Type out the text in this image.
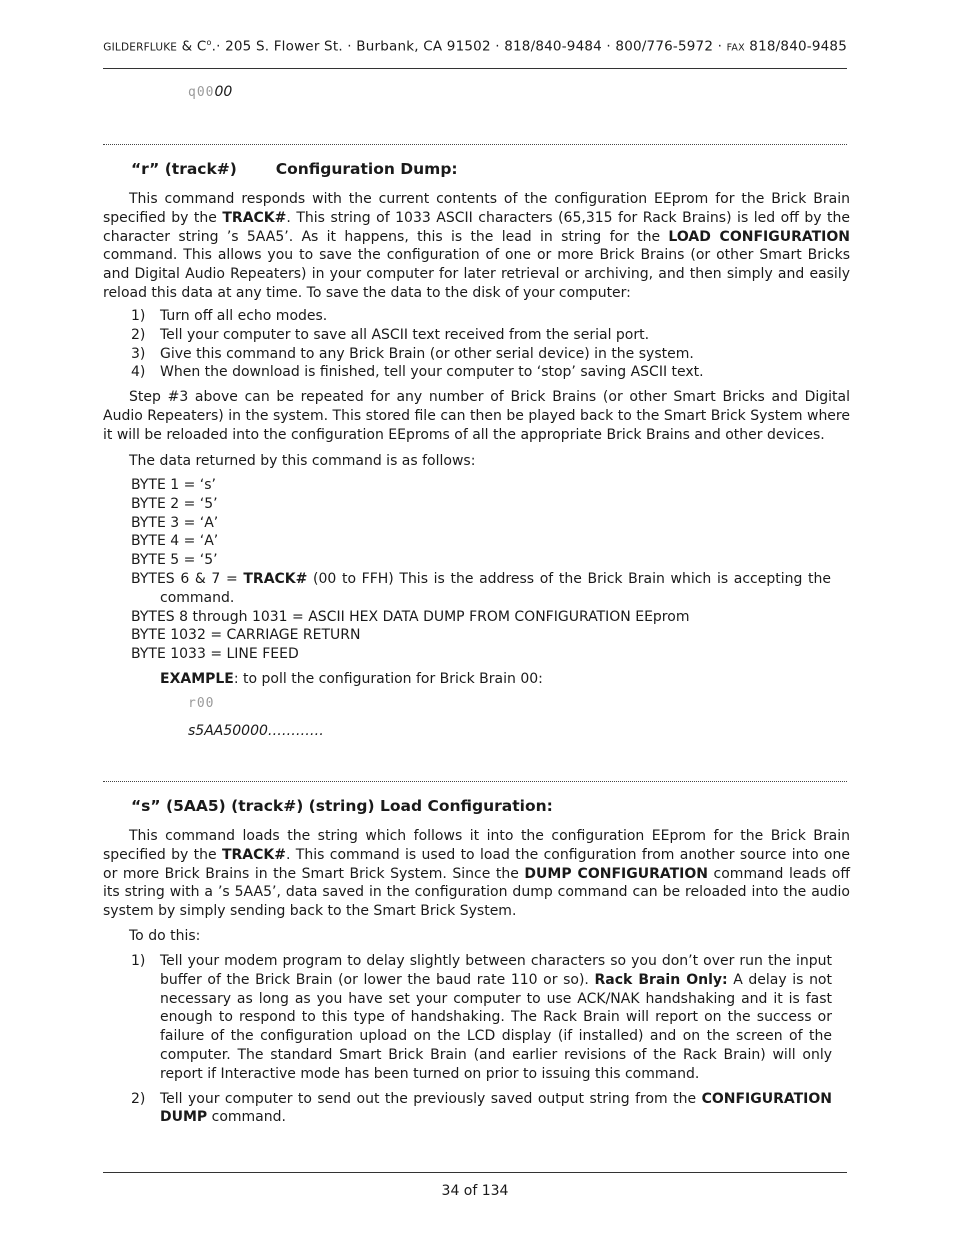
GILDERFLUKE & $C^o.\cdot 205$ S. Flower St. · Burbank, CA 91502 · 818/840-9484 · 800/776-5972 · FAX 818/840-9485
q0000
“r” (track#)	Configuration Dump:
This command responds with the current contents of the configuration EEprom for the Brick Brain specified by the TRACK#. This string of 1033 ASCII characters (65,315 for Rack Brains) is led off by the character string ’s 5AA5’. As it happens, this is the lead in string for the LOAD CONFIGURATION command. This allows you to save the configuration of one or more Brick Brains (or other Smart Bricks and Digital Audio Repeaters) in your computer for later retrieval or archiving, and then simply and easily reload this data at any time. To save the data to the disk of your computer:
1) Turn off all echo modes.
2) Tell your computer to save all ASCII text received from the serial port.
3) Give this command to any Brick Brain (or other serial device) in the system.
4) When the download is finished, tell your computer to ‘stop’ saving ASCII text.
Step #3 above can be repeated for any number of Brick Brains (or other Smart Bricks and Digital Audio Repeaters) in the system. This stored file can then be played back to the Smart Brick System where it will be reloaded into the configuration EEproms of all the appropriate Brick Brains and other devices.
The data returned by this command is as follows:
BYTE 1 = ‘s’
BYTE 2 = ‘5’
BYTE 3 = ‘A’
BYTE 4 = ‘A’
BYTE 5 = ‘5’
BYTES 6 & 7 = TRACK# (00 to FFH) This is the address of the Brick Brain which is accepting the command.
BYTES 8 through 1031 = ASCII HEX DATA DUMP FROM CONFIGURATION EEprom
BYTE 1032 = CARRIAGE RETURN
BYTE 1033 = LINE FEED
EXAMPLE: to poll the configuration for Brick Brain 00:
r00
s5AA50000…………
“s” (5AA5) (track#) (string) Load Configuration:
This command loads the string which follows it into the configuration EEprom for the Brick Brain specified by the TRACK#. This command is used to load the configuration from another source into one or more Brick Brains in the Smart Brick System. Since the DUMP CONFIGURATION command leads off its string with a ’s 5AA5’, data saved in the configuration dump command can be reloaded into the audio system by simply sending back to the Smart Brick System.
To do this:
1) Tell your modem program to delay slightly between characters so you don’t over run the input buffer of the Brick Brain (or lower the baud rate 110 or so). Rack Brain Only: A delay is not necessary as long as you have set your computer to use ACK/NAK handshaking and it is fast enough to respond to this type of handshaking. The Rack Brain will report on the success or failure of the configuration upload on the LCD display (if installed) and on the screen of the computer. The standard Smart Brick Brain (and earlier revisions of the Rack Brain) will only report if Interactive mode has been turned on prior to issuing this command.
2) Tell your computer to send out the previously saved output string from the CONFIGURATION DUMP command.
34 of 134
